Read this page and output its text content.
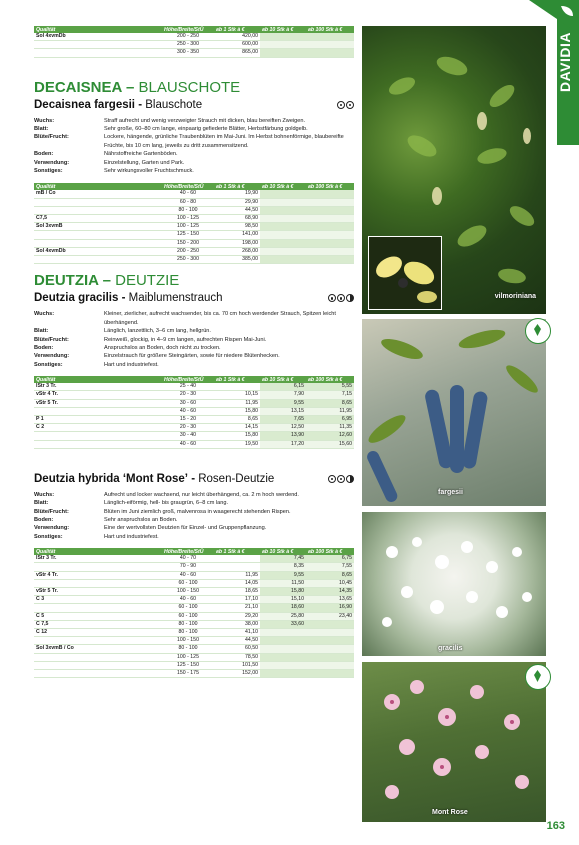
Qualität	Höhe/Breite/StÜ	ab 1 Stk à €	ab 10 Stk à €	ab 100 Stk à €
Sol 4xvmDb	200 - 250	420,00		
	250 - 300	600,00		
	300 - 350	865,00		

DECAISNEA – BLAUSCHOTE

Decaisnea fargesii - Blauschote

Wuchs:	Straff aufrecht und wenig verzweigter Strauch mit dicken, blau bereiften Zweigen.
Blatt:	Sehr große, 60–80 cm lange, einpaarig gefiederte Blätter, Herbstfärbung goldgelb.
Blüte/Frucht:	Lockere, hängende, grünliche Traubenblüten im Mai-Juni. Im Herbst bohnenförmige, blaubereifte Früchte, bis 10 cm lang, jeweils zu dritt zusammensitzend.
Boden:	Nährstoffreiche Gartenböden.
Verwendung:	Einzelstellung, Garten und Park.
Sonstiges:	Sehr wirkungsvoller Fruchtschmuck.
Qualität	Höhe/Breite/StÜ	ab 1 Stk à €	ab 10 Stk à €	ab 100 Stk à €
mB / Co	40 - 60	19,90		
	60 - 80	29,90		
	80 - 100	44,50		
C7,5	100 - 125	68,90		
Sol 3xvmB	100 - 125	98,50		
	125 - 150	141,00		
	150 - 200	198,00		
Sol 4xvmDb	200 - 250	268,00		
	250 - 300	385,00		

DEUTZIA – DEUTZIE

Deutzia gracilis - Maiblumenstrauch

Wuchs:	Kleiner, zierlicher, aufrecht wachsender, bis ca. 70 cm hoch werdender Strauch, Spitzen leicht überhängend.
Blatt:	Länglich, lanzettlich, 3–6 cm lang, hellgrün.
Blüte/Frucht:	Reinweiß, glockig, in 4–9 cm langen, aufrechten Rispen Mai-Juni.
Boden:	Anspruchslos an Boden, doch nicht zu trocken.
Verwendung:	Einzelstrauch für größere Steingärten, sowie für niedere Blütenhecken.
Sonstiges:	Hart und industriefest.
Qualität	Höhe/Breite/StÜ	ab 1 Stk à €	ab 10 Stk à €	ab 100 Stk à €
lStr 3 Tr.	25 - 40		6,15	5,55
vStr 4 Tr.	20 - 30	10,15	7,90	7,15
vStr 5 Tr.	30 - 60	11,95	9,55	8,65
	40 - 60	15,80	13,15	11,95
P 1	15 - 20	8,65	7,65	6,95
C 2	20 - 30	14,15	12,50	11,35
	30 - 40	15,80	13,90	12,60
	40 - 60	19,50	17,20	15,60

Deutzia hybrida ‘Mont Rose’ - Rosen-Deutzie

Wuchs:	Aufrecht und locker wachsend, nur leicht überhängend, ca. 2 m hoch werdend.
Blatt:	Länglich-eiförmig, hell- bis graugrün, 6–8 cm lang.
Blüte/Frucht:	Blüten im Juni ziemlich groß, malvenrosa in waagerecht stehenden Rispen.
Boden:	Sehr anspruchslos an Boden.
Verwendung:	Eine der wertvollsten Deutzien für Einzel- und Gruppenpflanzung.
Sonstiges:	Hart und industriefest.
Qualität	Höhe/Breite/StÜ	ab 1 Stk à €	ab 10 Stk à €	ab 100 Stk à €
lStr 3 Tr.	40 - 70		7,45	6,75
	70 - 90		8,35	7,55
vStr 4 Tr.	40 - 60	11,95	9,55	8,65
	60 - 100	14,05	11,50	10,45
vStr 5 Tr.	100 - 150	18,65	15,80	14,35
C 3	40 - 60	17,10	15,10	13,65
	60 - 100	21,10	18,60	16,90
C 5	60 - 100	29,20	25,80	23,40
C 7,5	80 - 100	38,00	33,60	
C 12	80 - 100	41,10		
	100 - 150	44,50		
Sol 3xvmB / Co	80 - 100	60,50		
	100 - 125	78,50		
	125 - 150	101,50		
	150 - 175	152,00		
vilmoriniana
fargesii
gracilis
Mont Rose
DAVIDIA
163
